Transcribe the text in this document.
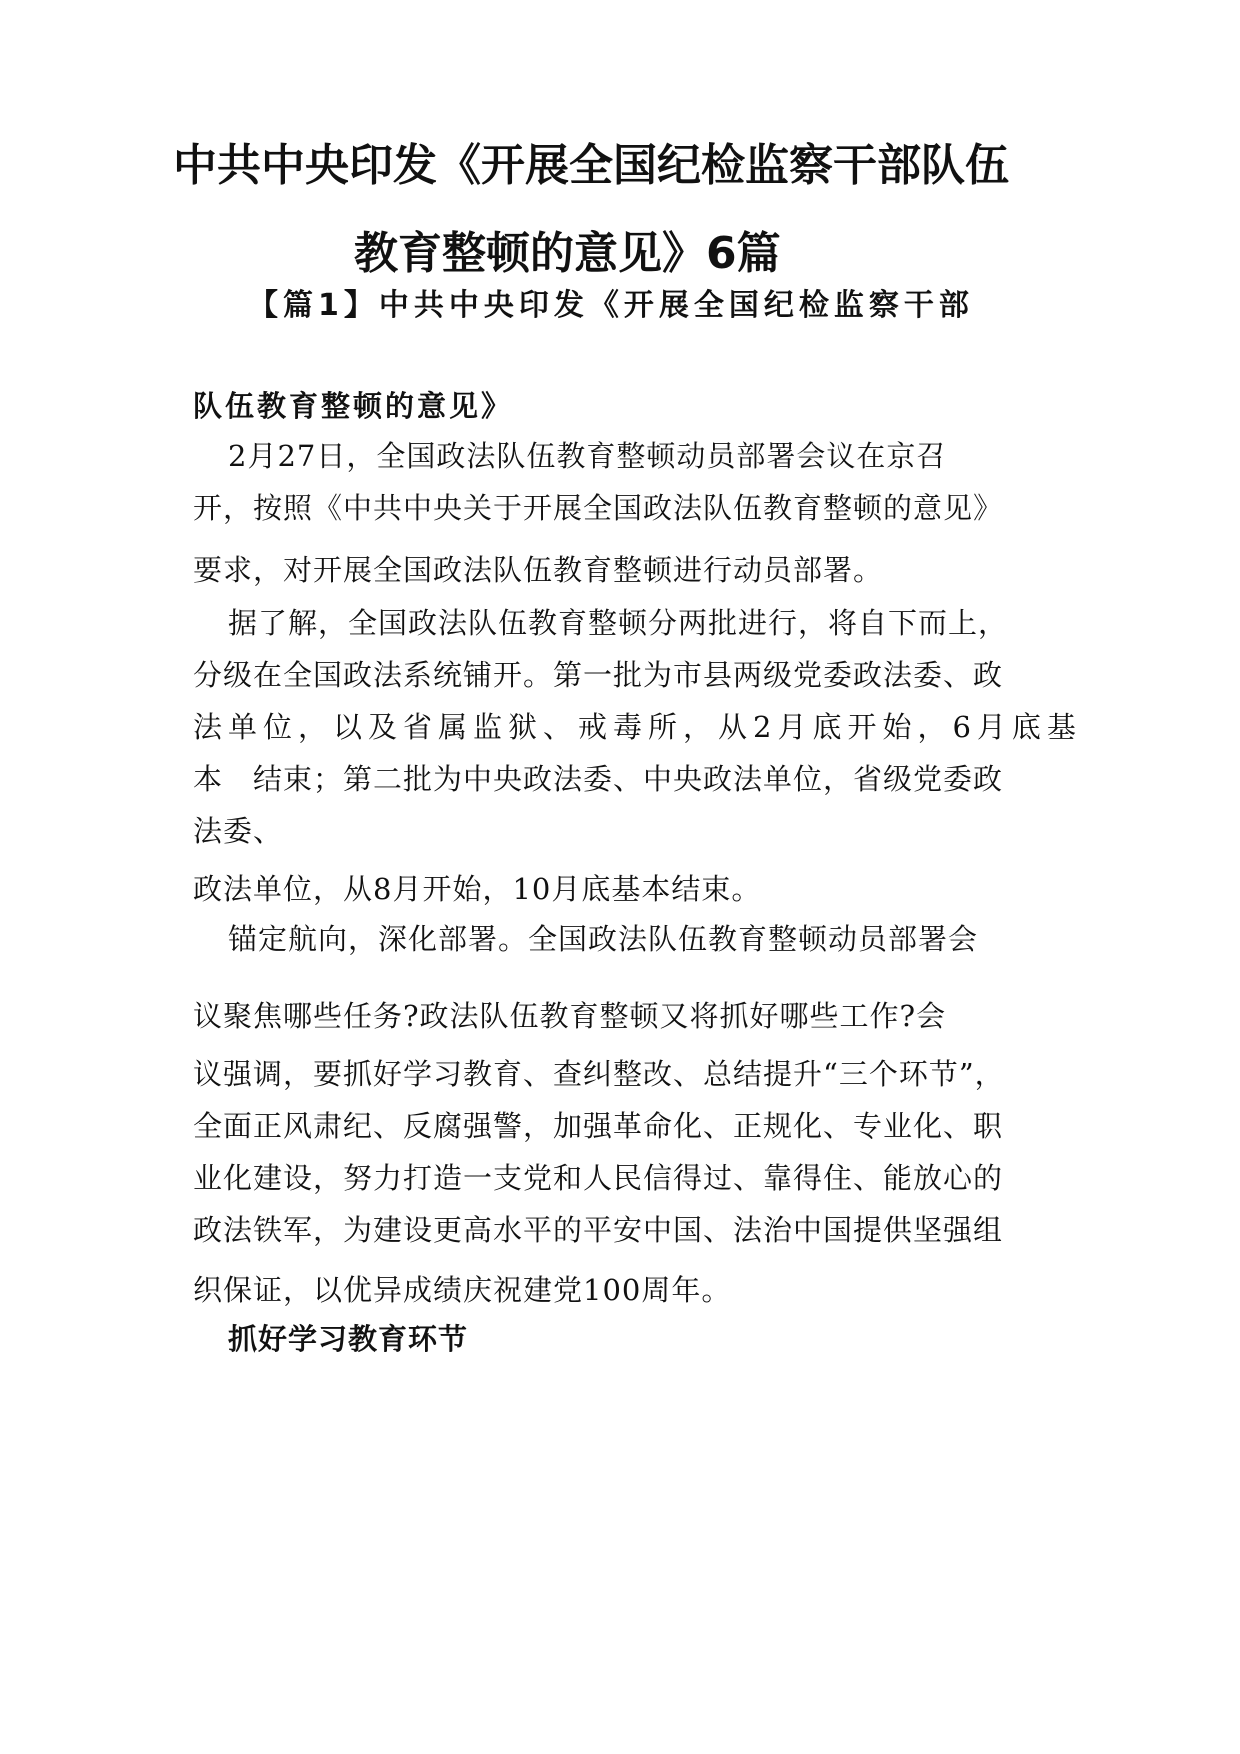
中共中央印发《开展全国纪检监察干部队伍
教育整顿的意见》6篇
【篇1】中共中央印发《开展全国纪检监察干部
队伍教育整顿的意见》
2月27日，全国政法队伍教育整顿动员部署会议在京召
开，按照《中共中央关于开展全国政法队伍教育整顿的意见》
要求，对开展全国政法队伍教育整顿进行动员部署。
据了解，全国政法队伍教育整顿分两批进行，将自下而上，
分级在全国政法系统铺开。第一批为市县两级党委政法委、政
法单位，以及省属监狱、戒毒所，从2月底开始，6月底基
本　结束；第二批为中央政法委、中央政法单位，省级党委政
法委、
政法单位，从8月开始，10月底基本结束。
锚定航向，深化部署。全国政法队伍教育整顿动员部署会
议聚焦哪些任务?政法队伍教育整顿又将抓好哪些工作?会
议强调，要抓好学习教育、查纠整改、总结提升“三个环节”，
全面正风肃纪、反腐强警，加强革命化、正规化、专业化、职
业化建设，努力打造一支党和人民信得过、靠得住、能放心的
政法铁军，为建设更高水平的平安中国、法治中国提供坚强组
织保证，以优异成绩庆祝建党100周年。
抓好学习教育环节
